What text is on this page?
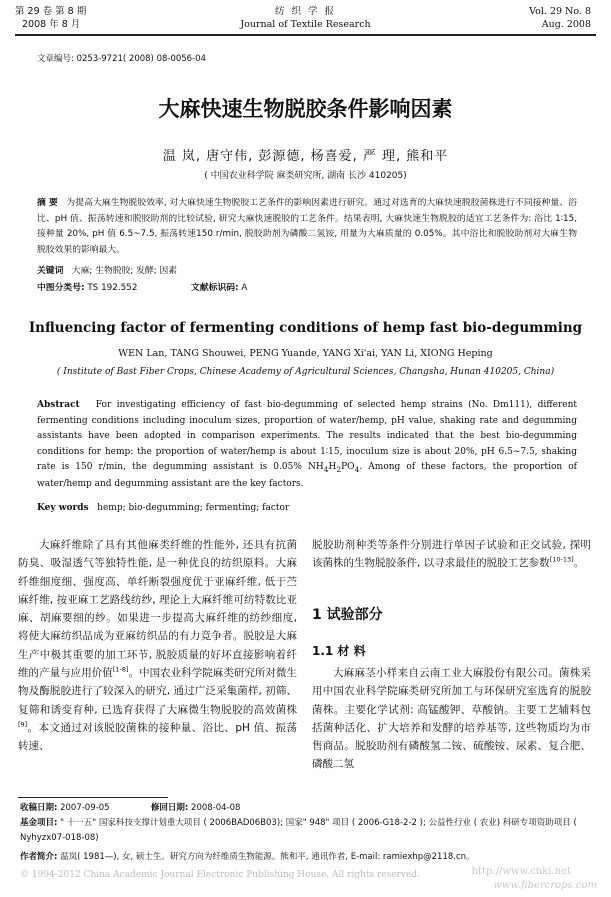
第 29 卷 第 8 期
2008 年 8 月
纺 织 学 报
Journal of Textile Research
Vol. 29 No. 8
Aug. 2008
文章编号: 0253-9721( 2008) 08-0056-04
大麻快速生物脱胶条件影响因素
温 岚, 唐守伟, 彭源德, 杨喜爱, 严 理, 熊和平
( 中国农业科学院 麻类研究所, 湖南 长沙 410205)
摘 要 为提高大麻生物脱胶效率, 对大麻快速生物脱胶工艺条件的影响因素进行研究。通过对选育的大麻快速脱胶菌株进行不同接种量、浴比、pH 值、振荡转速和脱胶助剂的比较试验, 研究大麻快速脱胶的工艺条件。结果表明, 大麻快速生物脱胶的适宜工艺条件为: 浴比 1∶15, 接种量 20%, pH 值 6.5~7.5, 振荡转速150 r/min, 脱胶助剂为磷酸二氢铵, 用量为大麻质量的 0.05%。其中浴比和脱胶助剂对大麻生物脱胶效果的影响最大。
关键词 大麻; 生物脱胶; 发酵; 因素
中图分类号: TS 192.552	文献标识码: A
Influencing factor of fermenting conditions of hemp fast bio-degumming
WEN Lan, TANG Shouwei, PENG Yuande, YANG Xi'ai, YAN Li, XIONG Heping
( Institute of Bast Fiber Crops, Chinese Academy of Agricultural Sciences, Changsha, Hunan 410205, China)
Abstract For investigating efficiency of fast bio-degumming of selected hemp strains (No. Dm111), different fermenting conditions including inoculum sizes, proportion of water/hemp, pH value, shaking rate and degumming assistants have been adopted in comparison experiments. The results indicated that the best bio-degumming conditions for hemp: the proportion of water/hemp is about 1∶15, inoculum size is about 20%, pH 6.5~7.5, shaking rate is 150 r/min, the degumming assistant is 0.05% $NH_4H_2PO_4$. Among of these factors, the proportion of water/hemp and degumming assistant are the key factors.
Key words hemp; bio-degumming; fermenting; factor

大麻纤维除了具有其他麻类纤维的性能外, 还具有抗菌防臭、吸湿透气等独特性能, 是一种优良的纺织原料。大麻纤维细度细、强度高、单纤断裂强度优于亚麻纤维, 低于苎麻纤维, 按亚麻工艺路线纺纱, 理论上大麻纤维可纺特数比亚麻、胡麻要细的纱。如果进一步提高大麻纤维的纺纱细度, 将使大麻纺织品成为亚麻纺织品的有力竞争者。脱胶是大麻生产中极其重要的加工环节, 脱胶质量的好坏直接影响着纤维的产量与应用价值[1-8]。中国农业科学院麻类研究所对微生物及酶脱胶进行了较深入的研究, 通过广泛采集菌样, 初筛、复筛和诱变育种, 已选育获得了大麻微生物脱胶的高效菌株[9]。本文通过对该脱胶菌株的接种量、浴比、pH 值、振荡转速、

脱胶助剂种类等条件分别进行单因子试验和正交试验, 探明该菌株的生物脱胶条件, 以寻求最佳的脱胶工艺参数[10-13]。
1 试验部分
1.1 材 料

大麻麻茎小样来自云南工业大麻股份有限公司。菌株采用中国农业科学院麻类研究所加工与环保研究室选育的脱胶菌株。主要化学试剂: 高锰酸钾、草酸钠。主要工艺辅料包括菌种活化、扩大培养和发酵的培养基等, 这些物质均为市售商品。脱胶助剂有磷酸氢二铵、硫酸铵、尿素、复合肥、磷酸二氢

收稿日期: 2007-09-05	修回日期: 2008-04-08
基金项目: " 十一五" 国家科技支撑计划重大项目 ( 2006BAD06B03); 国家" 948" 项目 ( 2006-G18-2-2 ); 公益性行业 ( 农业) 科研专项资助项目 ( Nyhyzx07-018-08)
作者简介: 温岚( 1981—), 女, 硕士生。研究方向为纤维质生物能源。熊和平, 通讯作者, E-mail: ramiexhp@2118.cn。
© 1994-2012 China Academic Journal Electronic Publishing House. All rights reserved.	http://www.cnki.net
www.fibercrops.com
